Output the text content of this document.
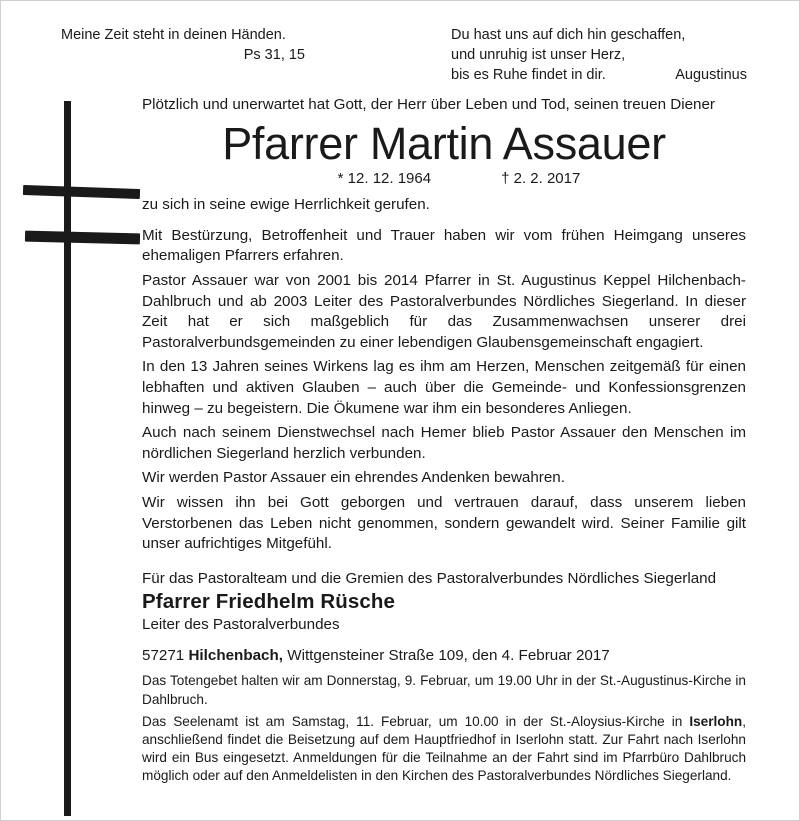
Meine Zeit steht in deinen Händen.
Ps 31, 15
Du hast uns auf dich hin geschaffen,
und unruhig ist unser Herz,
bis es Ruhe findet in dir.	Augustinus

Plötzlich und unerwartet hat Gott, der Herr über Leben und Tod, seinen treuen Diener

Pfarrer Martin Assauer
* 12. 12. 1964	† 2. 2. 2017

zu sich in seine ewige Herrlichkeit gerufen.

Mit Bestürzung, Betroffenheit und Trauer haben wir vom frühen Heimgang unseres ehemaligen Pfarrers erfahren.

Pastor Assauer war von 2001 bis 2014 Pfarrer in St. Augustinus Keppel Hilchenbach-Dahlbruch und ab 2003 Leiter des Pastoralverbundes Nördliches Siegerland. In dieser Zeit hat er sich maßgeblich für das Zusammenwachsen unserer drei Pastoralverbundsgemeinden zu einer lebendigen Glaubensgemeinschaft engagiert.

In den 13 Jahren seines Wirkens lag es ihm am Herzen, Menschen zeitgemäß für einen lebhaften und aktiven Glauben – auch über die Gemeinde- und Konfessionsgrenzen hinweg – zu begeistern. Die Ökumene war ihm ein besonderes Anliegen.

Auch nach seinem Dienstwechsel nach Hemer blieb Pastor Assauer den Menschen im nördlichen Siegerland herzlich verbunden.

Wir werden Pastor Assauer ein ehrendes Andenken bewahren.

Wir wissen ihn bei Gott geborgen und vertrauen darauf, dass unserem lieben Verstorbenen das Leben nicht genommen, sondern gewandelt wird. Seiner Familie gilt unser aufrichtiges Mitgefühl.

Für das Pastoralteam und die Gremien des Pastoralverbundes Nördliches Siegerland

Pfarrer Friedhelm Rüsche

Leiter des Pastoralverbundes

57271 Hilchenbach, Wittgensteiner Straße 109, den 4. Februar 2017

Das Totengebet halten wir am Donnerstag, 9. Februar, um 19.00 Uhr in der St.-Augustinus-Kirche in Dahlbruch.

Das Seelenamt ist am Samstag, 11. Februar, um 10.00 in der St.-Aloysius-Kirche in Iserlohn, anschließend findet die Beisetzung auf dem Hauptfriedhof in Iserlohn statt. Zur Fahrt nach Iserlohn wird ein Bus eingesetzt. Anmeldungen für die Teilnahme an der Fahrt sind im Pfarrbüro Dahlbruch möglich oder auf den Anmeldelisten in den Kirchen des Pastoralverbundes Nördliches Siegerland.
